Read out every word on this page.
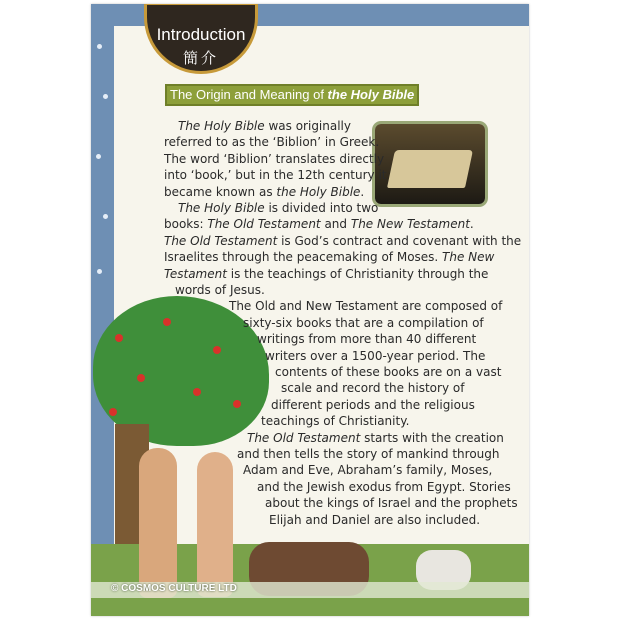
Introduction
簡介
The Origin and Meaning of the Holy Bible
The Holy Bible was originally
referred to as the ‘Biblion’ in Greek.
The word ‘Biblion’ translates directly
into ‘book,’ but in the 12th century it
became known as the Holy Bible.
The Holy Bible is divided into two
books: The Old Testament and The New Testament.
The Old Testament is God’s contract and covenant with the
Israelites through the peacemaking of Moses. The New
Testament is the teachings of Christianity through the
words of Jesus.
The Old and New Testament are composed of
sixty-six books that are a compilation of
writings from more than 40 different
writers over a 1500-year period. The
contents of these books are on a vast
scale and record the history of
different periods and the religious
teachings of Christianity.
The Old Testament starts with the creation
and then tells the story of mankind through
Adam and Eve, Abraham’s family, Moses,
and the Jewish exodus from Egypt. Stories
about the kings of Israel and the prophets
Elijah and Daniel are also included.
© COSMOS CULTURE LTD
